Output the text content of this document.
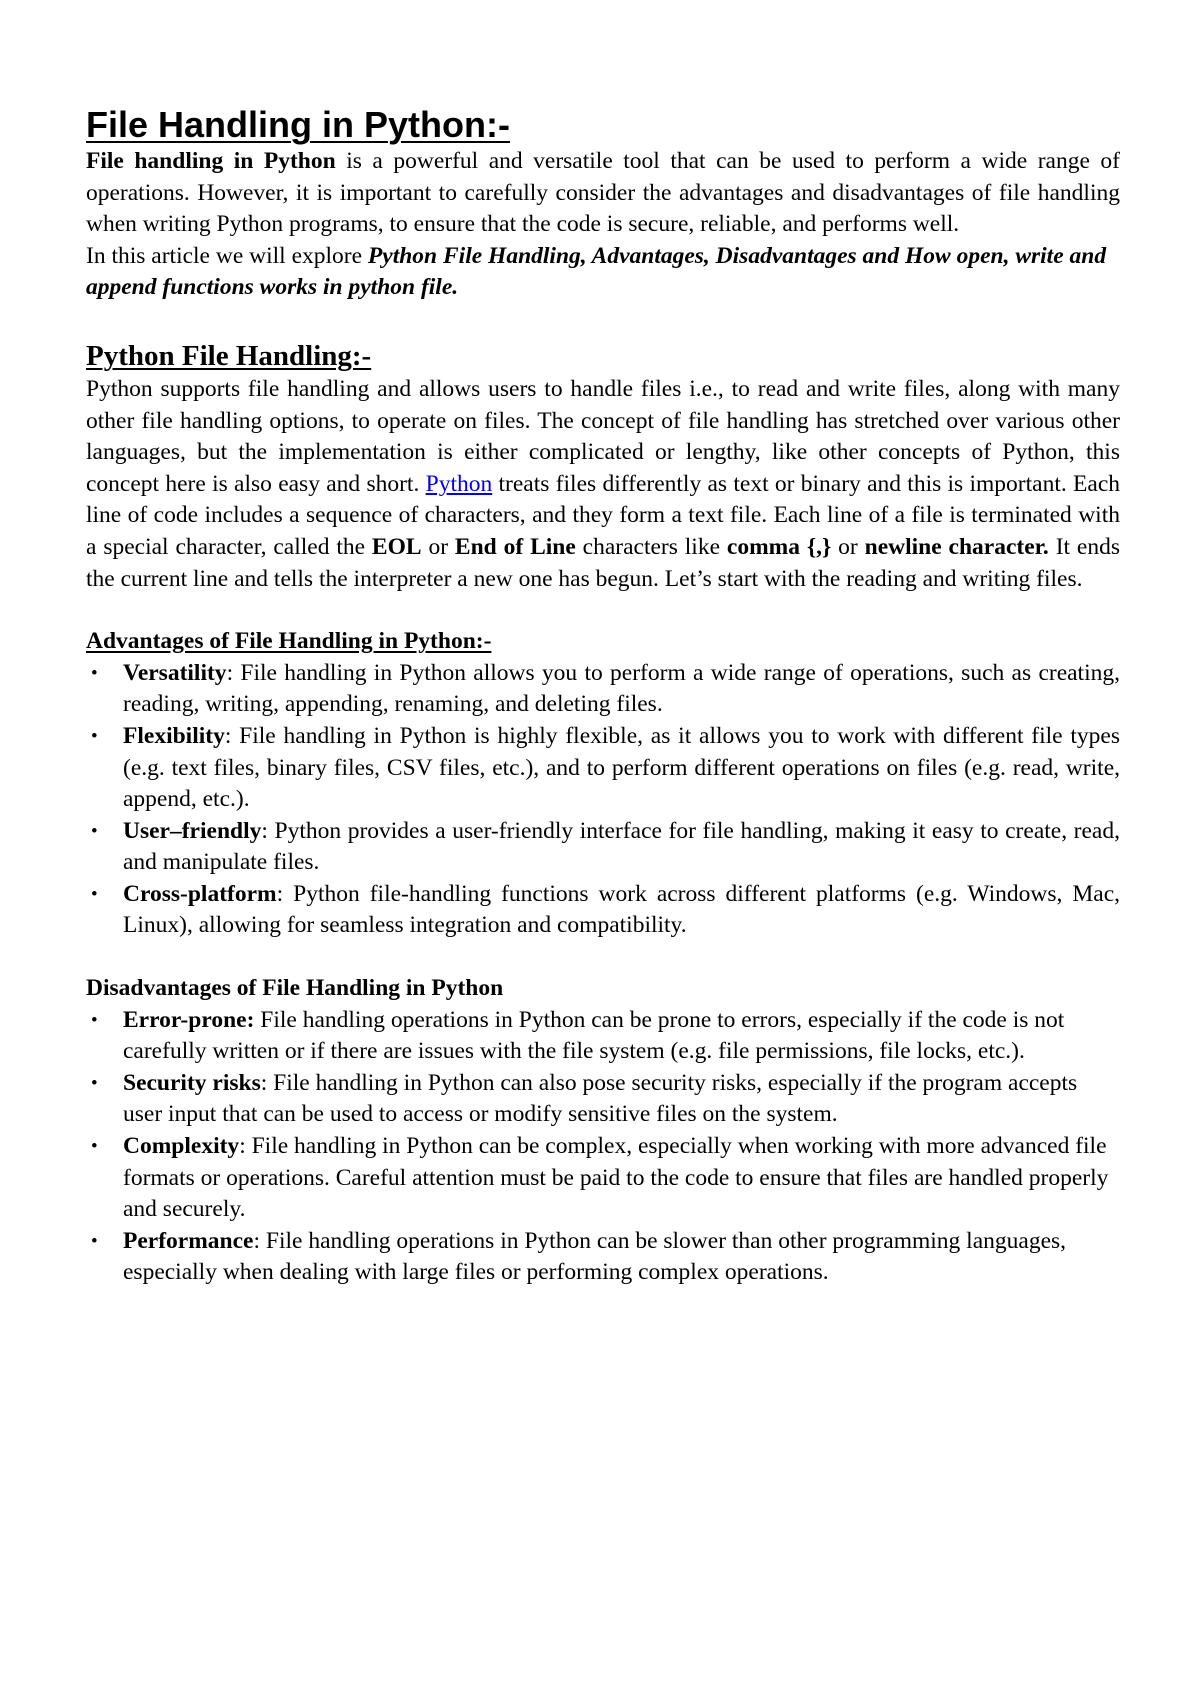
File Handling in Python:-

File handling in Python is a powerful and versatile tool that can be used to perform a wide range of operations. However, it is important to carefully consider the advantages and disadvantages of file handling when writing Python programs, to ensure that the code is secure, reliable, and performs well.

In this article we will explore Python File Handling, Advantages, Disadvantages and How open, write and append functions works in python file.

Python File Handling:-

Python supports file handling and allows users to handle files i.e., to read and write files, along with many other file handling options, to operate on files. The concept of file handling has stretched over various other languages, but the implementation is either complicated or lengthy, like other concepts of Python, this concept here is also easy and short. Python treats files differently as text or binary and this is important. Each line of code includes a sequence of characters, and they form a text file. Each line of a file is terminated with a special character, called the EOL or End of Line characters like comma {,} or newline character. It ends the current line and tells the interpreter a new one has begun. Let’s start with the reading and writing files.

Advantages of File Handling in Python:-
• Versatility: File handling in Python allows you to perform a wide range of operations, such as creating, reading, writing, appending, renaming, and deleting files.
• Flexibility: File handling in Python is highly flexible, as it allows you to work with different file types (e.g. text files, binary files, CSV files, etc.), and to perform different operations on files (e.g. read, write, append, etc.).
• User–friendly: Python provides a user-friendly interface for file handling, making it easy to create, read, and manipulate files.
• Cross-platform: Python file-handling functions work across different platforms (e.g. Windows, Mac, Linux), allowing for seamless integration and compatibility.
Disadvantages of File Handling in Python
• Error-prone: File handling operations in Python can be prone to errors, especially if the code is not carefully written or if there are issues with the file system (e.g. file permissions, file locks, etc.).
• Security risks: File handling in Python can also pose security risks, especially if the program accepts user input that can be used to access or modify sensitive files on the system.
• Complexity: File handling in Python can be complex, especially when working with more advanced file formats or operations. Careful attention must be paid to the code to ensure that files are handled properly and securely.
• Performance: File handling operations in Python can be slower than other programming languages, especially when dealing with large files or performing complex operations.
